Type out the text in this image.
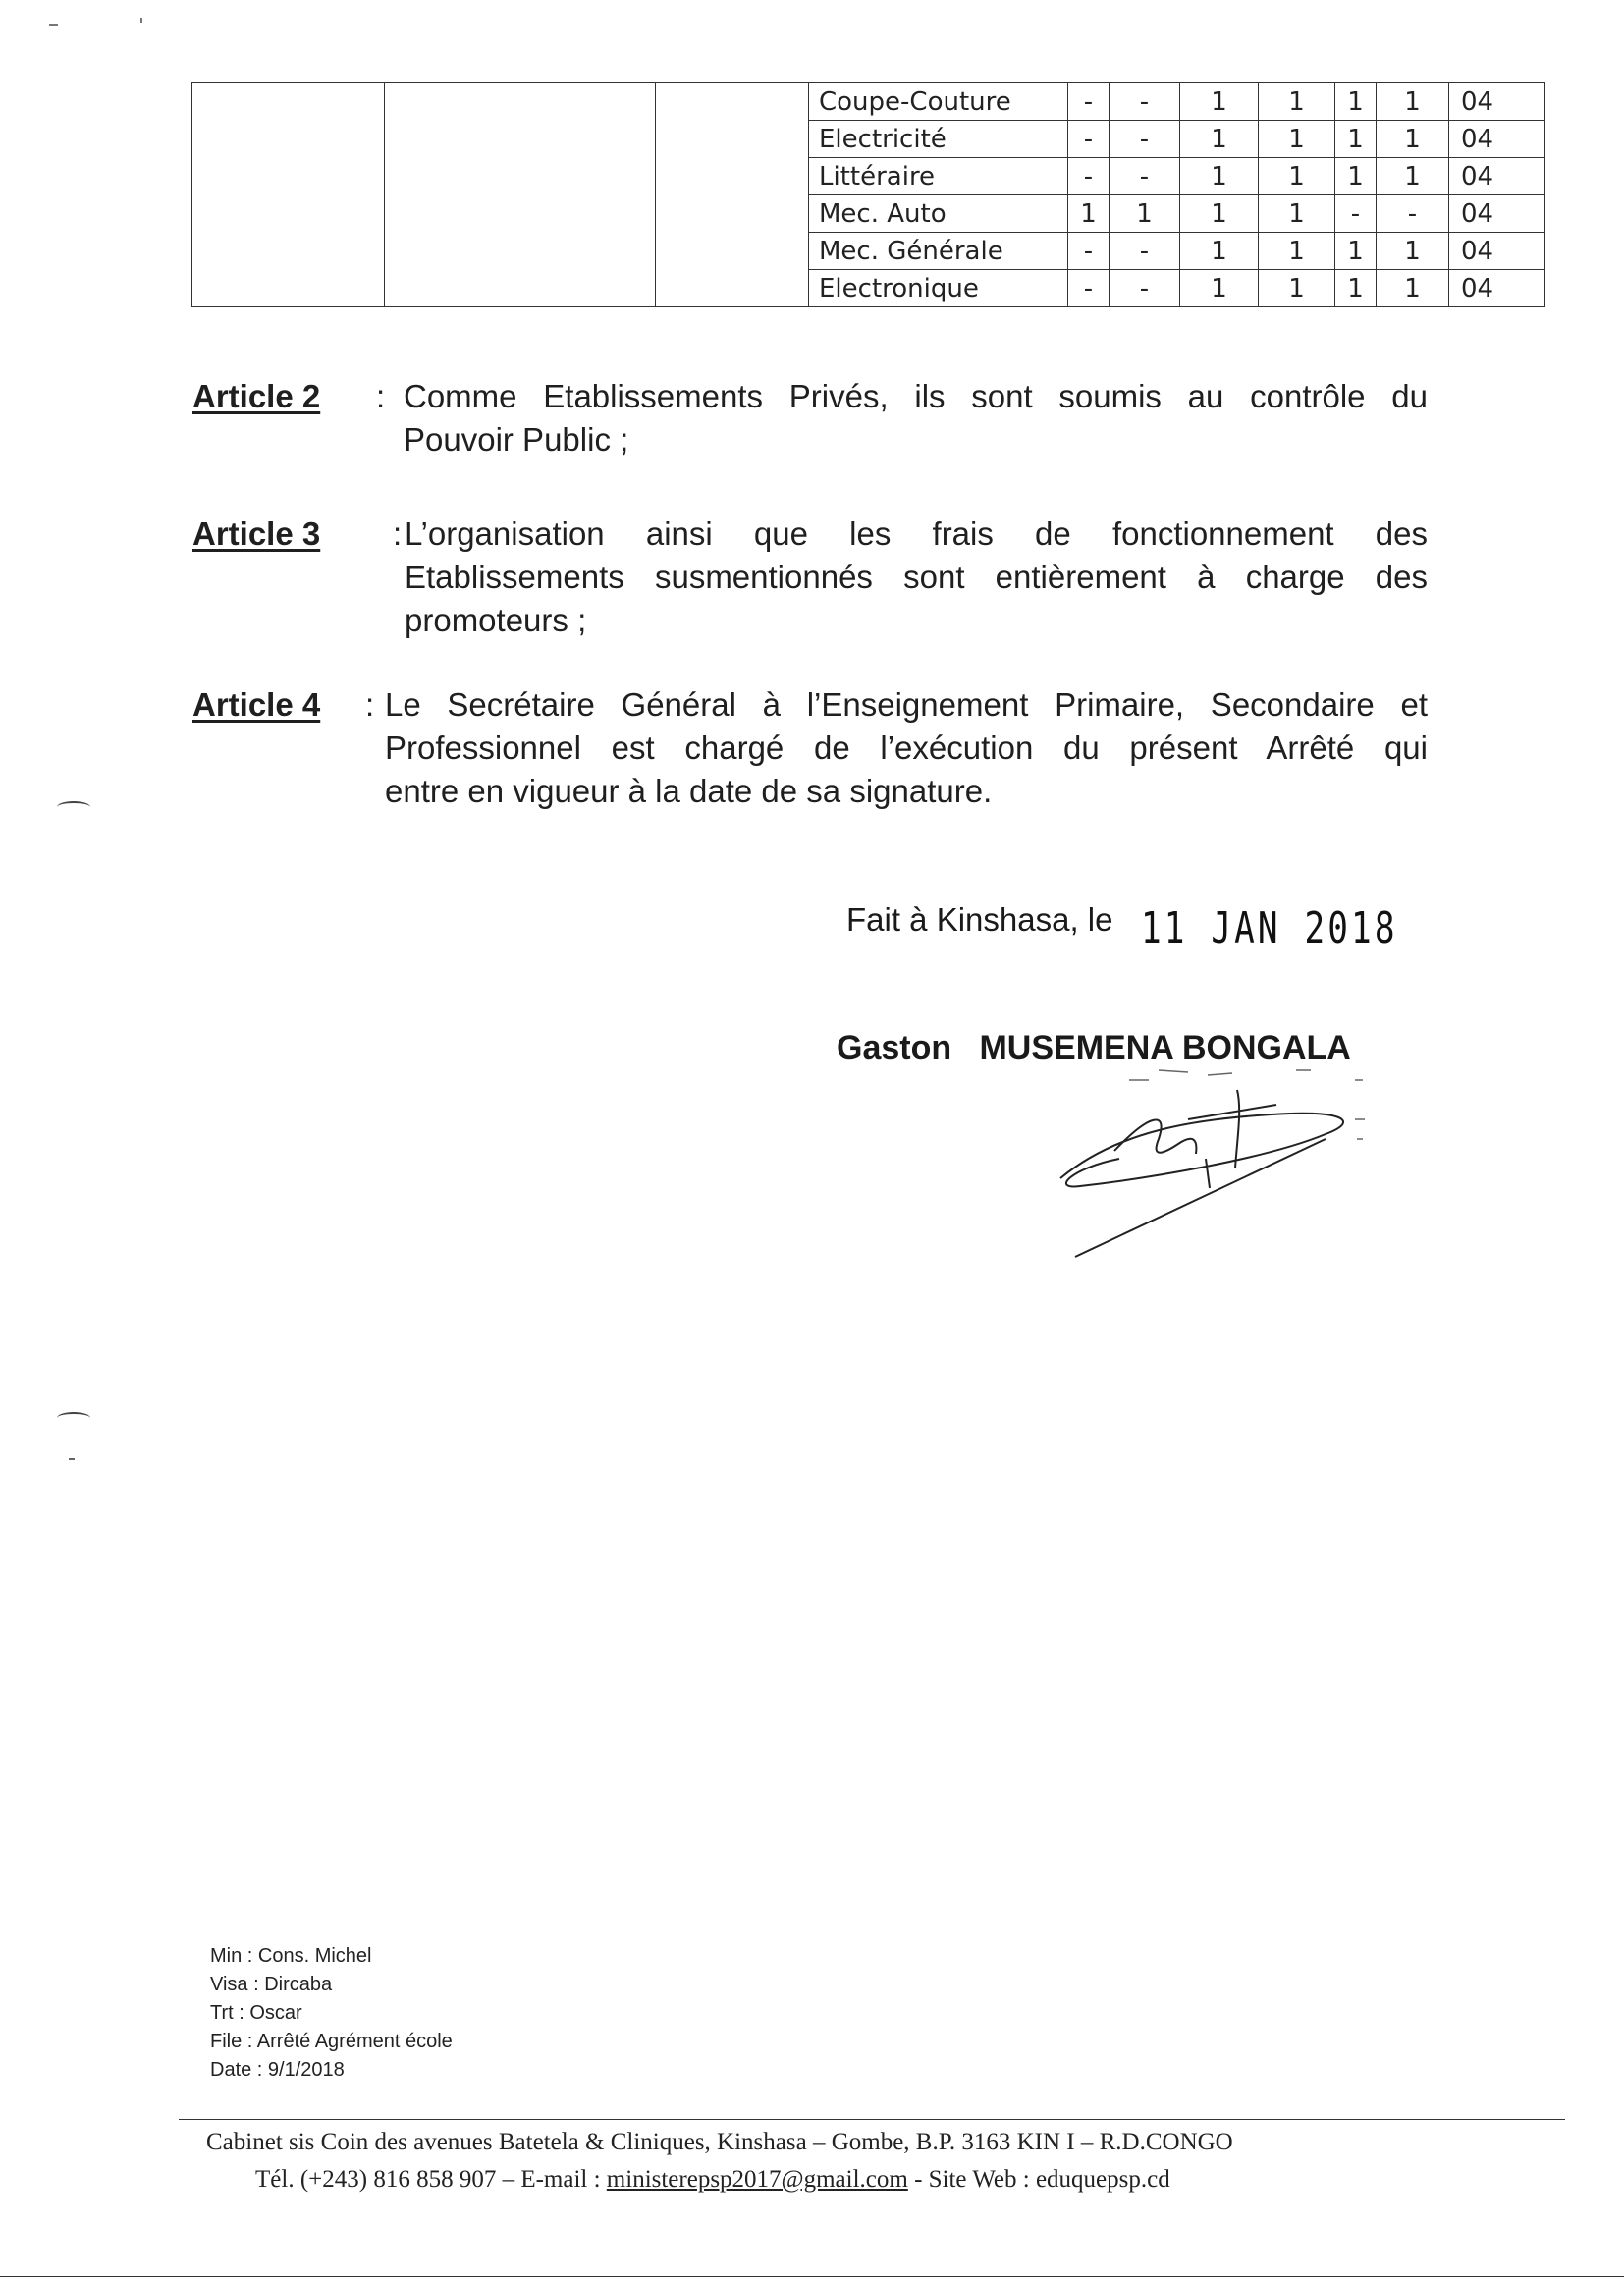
			Coupe-Couture	-	-	1	1	1	1	04
			Electricité	-	-	1	1	1	1	04
			Littéraire	-	-	1	1	1	1	04
			Mec. Auto	1	1	1	1	-	-	04
			Mec. Générale	-	-	1	1	1	1	04
			Electronique	-	-	1	1	1	1	04
Article 2 : Comme Etablissements Privés, ils sont soumis au contrôle du
Pouvoir Public ;
Article 3 : L’organisation ainsi que les frais de fonctionnement des
Etablissements susmentionnés sont entièrement à charge des
promoteurs ;
Article 4 : Le Secrétaire Général à l’Enseignement Primaire, Secondaire et
Professionnel est chargé de l’exécution du présent Arrêté qui
entre en vigueur à la date de sa signature.
Fait à Kinshasa, le 11 JAN 2018
Gaston   MUSEMENA BONGALA
Min : Cons. Michel
Visa : Dircaba
Trt : Oscar
File : Arrêté Agrément école
Date : 9/1/2018
Cabinet sis Coin des avenues Batetela & Cliniques, Kinshasa – Gombe, B.P. 3163 KIN I – R.D.CONGO
Tél. (+243) 816 858 907 – E-mail : ministerepsp2017@gmail.com - Site Web : eduquepsp.cd
